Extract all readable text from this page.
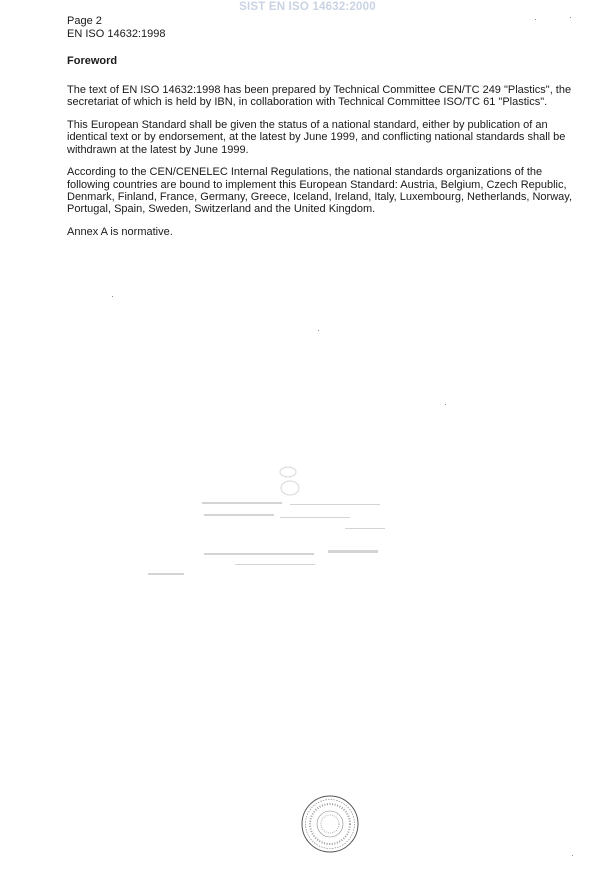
SIST EN ISO 14632:2000
Page 2
EN ISO 14632:1998
Foreword

The text of EN ISO 14632:1998 has been prepared by Technical Committee CEN/TC 249 "Plastics", the secretariat of which is held by IBN, in collaboration with Technical Committee ISO/TC 61 "Plastics".

This European Standard shall be given the status of a national standard, either by publication of an identical text or by endorsement, at the latest by June 1999, and conflicting national standards shall be withdrawn at the latest by June 1999.

According to the CEN/CENELEC Internal Regulations, the national standards organizations of the following countries are bound to implement this European Standard: Austria, Belgium, Czech Republic, Denmark, Finland, France, Germany, Greece, Iceland, Ireland, Italy, Luxembourg, Netherlands, Norway, Portugal, Spain, Sweden, Switzerland and the United Kingdom.

Annex A is normative.
